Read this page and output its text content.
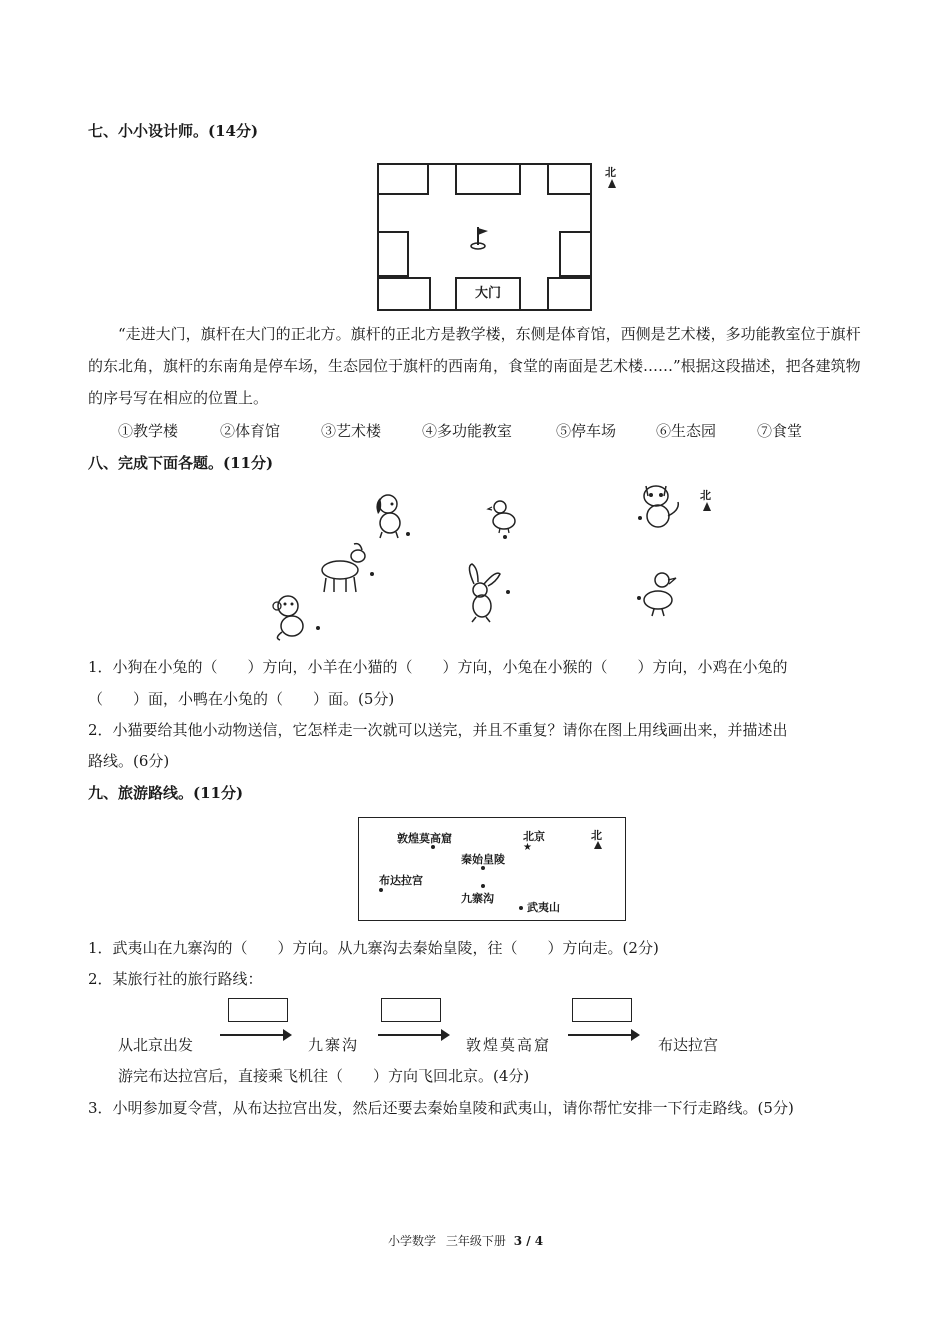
七、小小设计师。(14分)
大门
北
“走进大门，旗杆在大门的正北方。旗杆的正北方是教学楼，东侧是体育馆，西侧是艺术楼，多功能教室位于旗杆的东北角，旗杆的东南角是停车场，生态园位于旗杆的西南角，食堂的南面是艺术楼……”根据这段描述，把各建筑物的序号写在相应的位置上。
①教学楼	②体育馆	③艺术楼	④多功能教室	⑤停车场	⑥生态园	⑦食堂
八、完成下面各题。(11分)
北
1．小狗在小兔的（　　）方向，小羊在小猫的（　　）方向，小兔在小猴的（　　）方向，小鸡在小兔的
（　　）面，小鸭在小兔的（　　）面。(5分)
2．小猫要给其他小动物送信，它怎样走一次就可以送完，并且不重复？请你在图上用线画出来，并描述出
路线。(6分)
九、旅游路线。(11分)
敦煌莫高窟	北京
★
北
秦始皇陵
布达拉宫
九寨沟
武夷山
1．武夷山在九寨沟的（　　）方向。从九寨沟去秦始皇陵，往（　　）方向走。(2分)
2．某旅行社的旅行路线：
从北京出发	九寨沟	敦煌莫高窟	布达拉宫
游完布达拉宫后，直接乘飞机往（　　）方向飞回北京。(4分)
3．小明参加夏令营，从布达拉宫出发，然后还要去秦始皇陵和武夷山，请你帮忙安排一下行走路线。(5分)
小学数学 三年级下册 3 / 4
